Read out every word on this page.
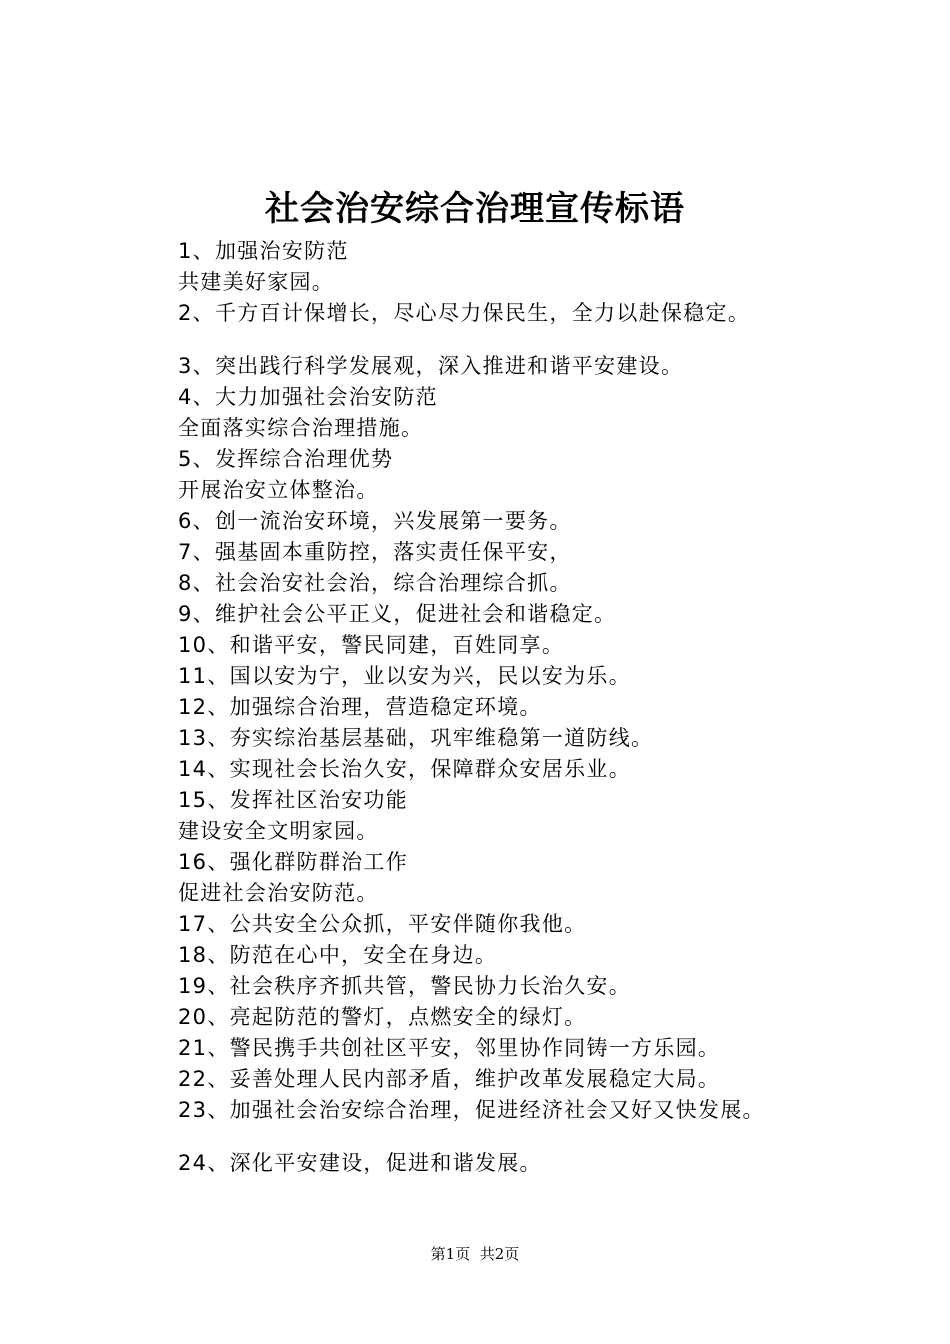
社会治安综合治理宣传标语
1、加强治安防范
共建美好家园。
2、千方百计保增长，尽心尽力保民生，全力以赴保稳定。
3、突出践行科学发展观，深入推进和谐平安建设。
4、大力加强社会治安防范
全面落实综合治理措施。
5、发挥综合治理优势
开展治安立体整治。
6、创一流治安环境，兴发展第一要务。
7、强基固本重防控，落实责任保平安，
8、社会治安社会治，综合治理综合抓。
9、维护社会公平正义，促进社会和谐稳定。
10、和谐平安，警民同建，百姓同享。
11、国以安为宁，业以安为兴，民以安为乐。
12、加强综合治理，营造稳定环境。
13、夯实综治基层基础，巩牢维稳第一道防线。
14、实现社会长治久安，保障群众安居乐业。
15、发挥社区治安功能
建设安全文明家园。
16、强化群防群治工作
促进社会治安防范。
17、公共安全公众抓，平安伴随你我他。
18、防范在心中，安全在身边。
19、社会秩序齐抓共管，警民协力长治久安。
20、亮起防范的警灯，点燃安全的绿灯。
21、警民携手共创社区平安，邻里协作同铸一方乐园。
22、妥善处理人民内部矛盾，维护改革发展稳定大局。
23、加强社会治安综合治理，促进经济社会又好又快发展。
24、深化平安建设，促进和谐发展。
第1页 共2页
